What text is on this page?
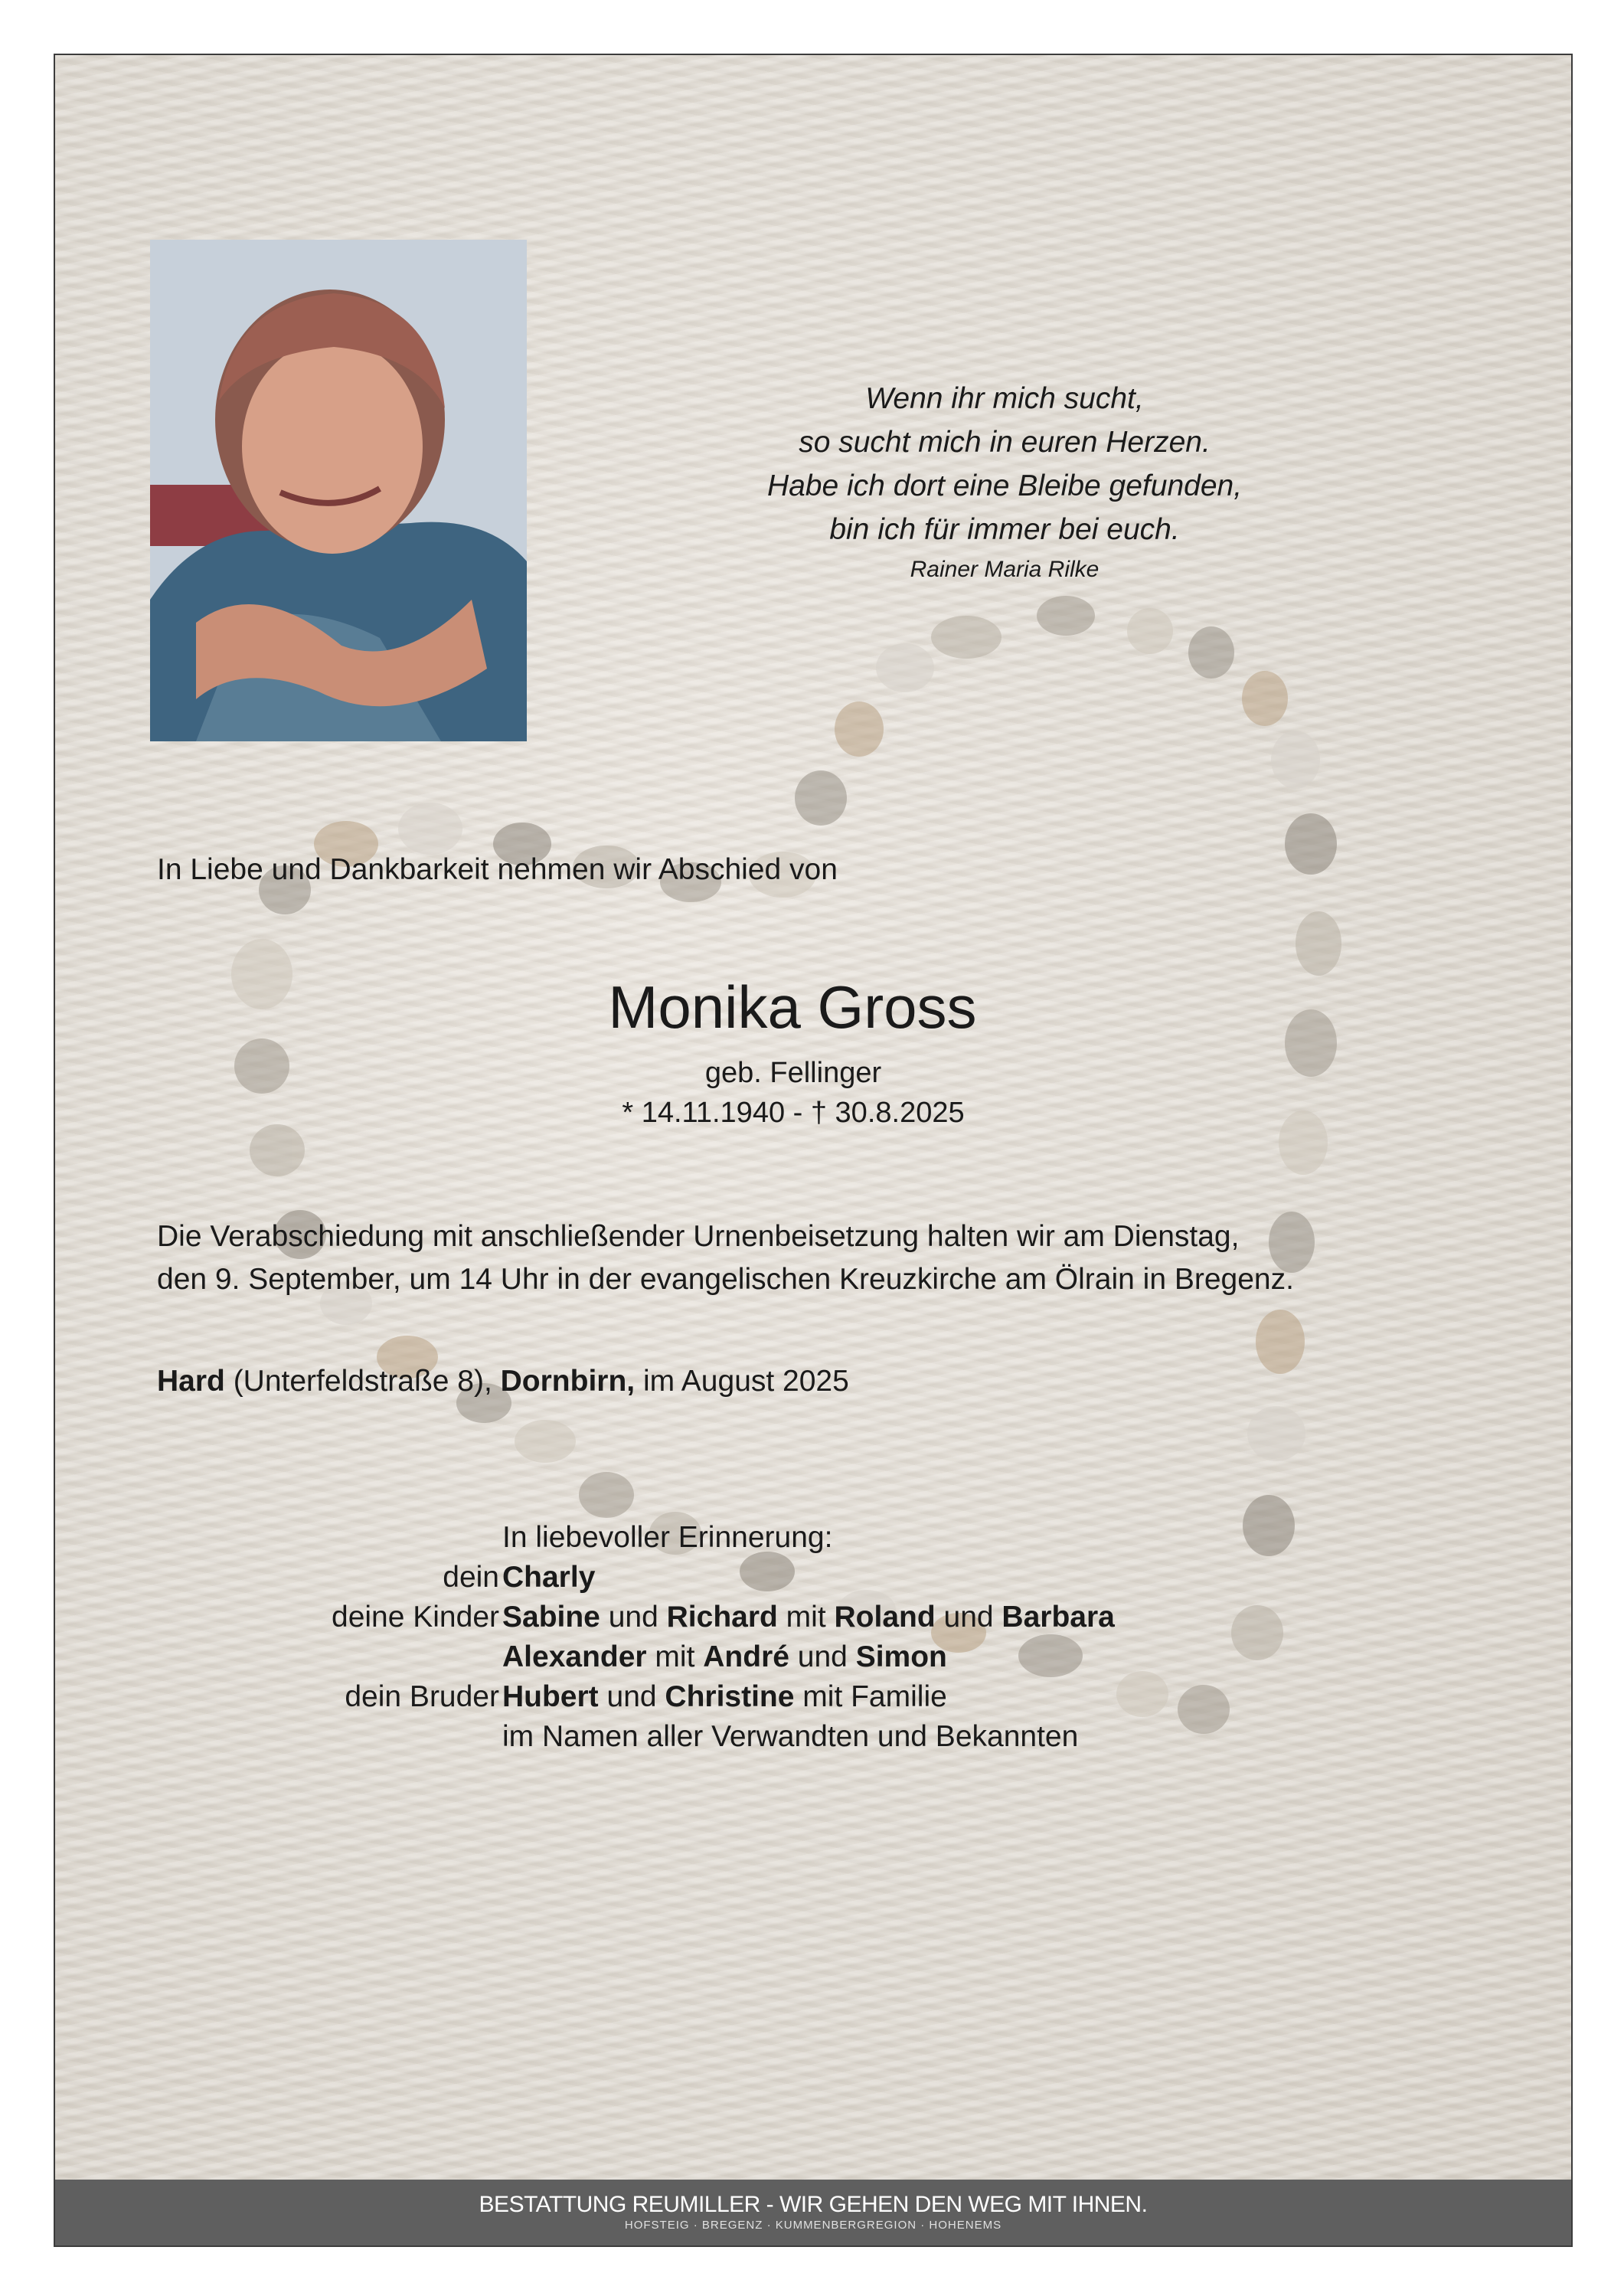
Wenn ihr mich sucht,
so sucht mich in euren Herzen.
Habe ich dort eine Bleibe gefunden,
bin ich für immer bei euch.
Rainer Maria Rilke
In Liebe und Dankbarkeit nehmen wir Abschied von
Monika Gross
geb. Fellinger
* 14.11.1940 - † 30.8.2025
Die Verabschiedung mit anschließender Urnenbeisetzung halten wir am Dienstag,
den 9. September, um 14 Uhr in der evangelischen Kreuzkirche am Ölrain in Bregenz.
Hard (Unterfeldstraße 8), Dornbirn, im August 2025
In liebevoller Erinnerung:
dein Charly
deine Kinder Sabine und Richard mit Roland und Barbara
Alexander mit André und Simon
dein Bruder Hubert und Christine mit Familie
im Namen aller Verwandten und Bekannten
BESTATTUNG REUMILLER - WIR GEHEN DEN WEG MIT IHNEN.
HOFSTEIG · BREGENZ · KUMMENBERGREGION · HOHENEMS
